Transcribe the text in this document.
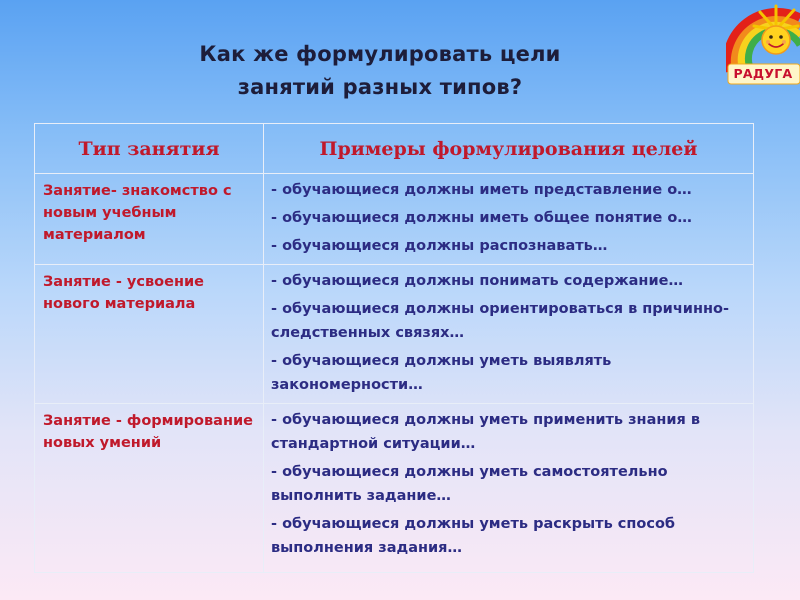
Как же формулировать цели
занятий разных типов?
РАДУГА
Тип занятия	Примеры формулирования целей
Занятие- знакомство с новым учебным материалом	- обучающиеся должны иметь представление о…
- обучающиеся должны иметь общее понятие о…
- обучающиеся должны распознавать…

Занятие - усвоение нового материала	- обучающиеся должны понимать содержание…
- обучающиеся должны ориентироваться в причинно-следственных связях…
- обучающиеся должны уметь выявлять закономерности…

Занятие - формирование новых умений	- обучающиеся должны уметь применить знания в стандартной ситуации…
- обучающиеся должны уметь самостоятельно выполнить задание…
- обучающиеся должны уметь раскрыть способ выполнения задания…
